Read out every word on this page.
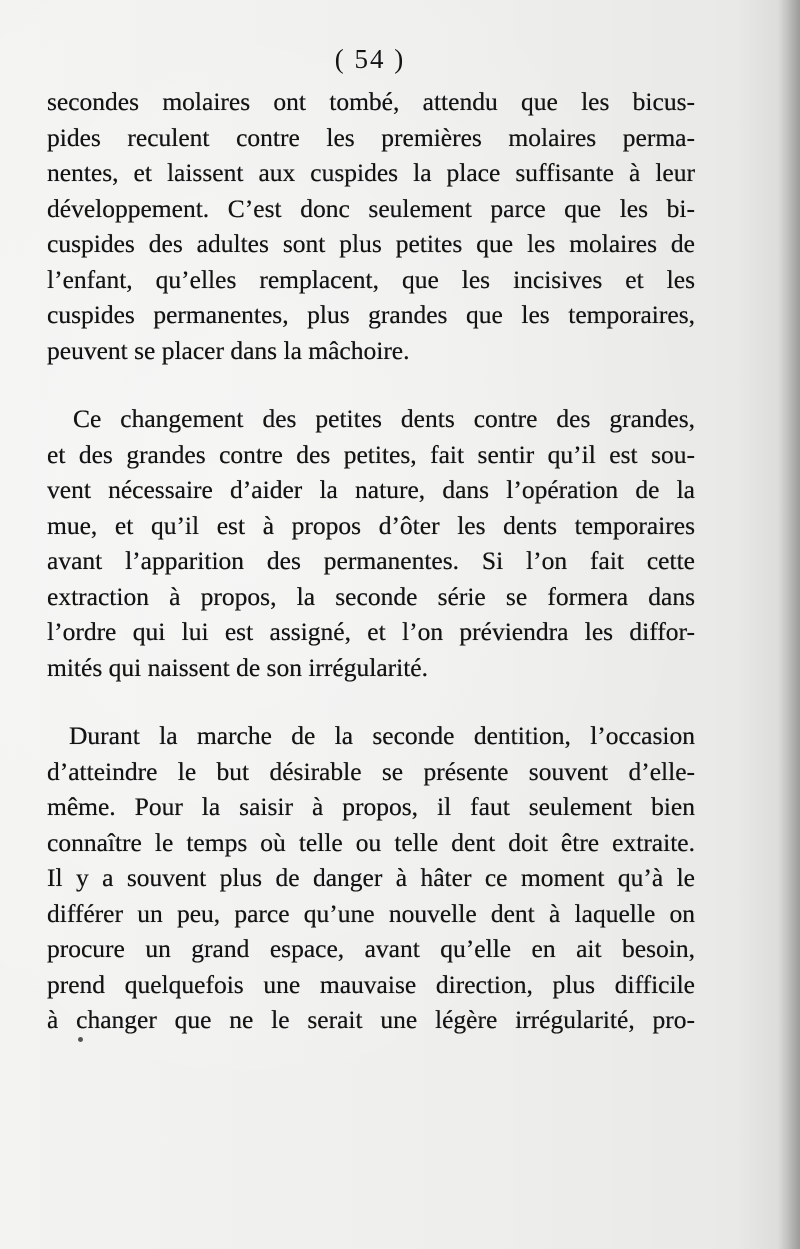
( 54 )
secondes molaires ont tombé, attendu que les bicus-
pides reculent contre les premières molaires perma-
nentes, et laissent aux cuspides la place suffisante à leur
développement. C’est donc seulement parce que les bi-
cuspides des adultes sont plus petites que les molaires de
l’enfant, qu’elles remplacent, que les incisives et les
cuspides permanentes, plus grandes que les temporaires,
peuvent se placer dans la mâchoire.
Ce changement des petites dents contre des grandes,
et des grandes contre des petites, fait sentir qu’il est sou-
vent nécessaire d’aider la nature, dans l’opération de la
mue, et qu’il est à propos d’ôter les dents temporaires
avant l’apparition des permanentes. Si l’on fait cette
extraction à propos, la seconde série se formera dans
l’ordre qui lui est assigné, et l’on préviendra les diffor-
mités qui naissent de son irrégularité.
Durant la marche de la seconde dentition, l’occasion
d’atteindre le but désirable se présente souvent d’elle-
même. Pour la saisir à propos, il faut seulement bien
connaître le temps où telle ou telle dent doit être extraite.
Il y a souvent plus de danger à hâter ce moment qu’à le
différer un peu, parce qu’une nouvelle dent à laquelle on
procure un grand espace, avant qu’elle en ait besoin,
prend quelquefois une mauvaise direction, plus difficile
à changer que ne le serait une légère irrégularité, pro-
